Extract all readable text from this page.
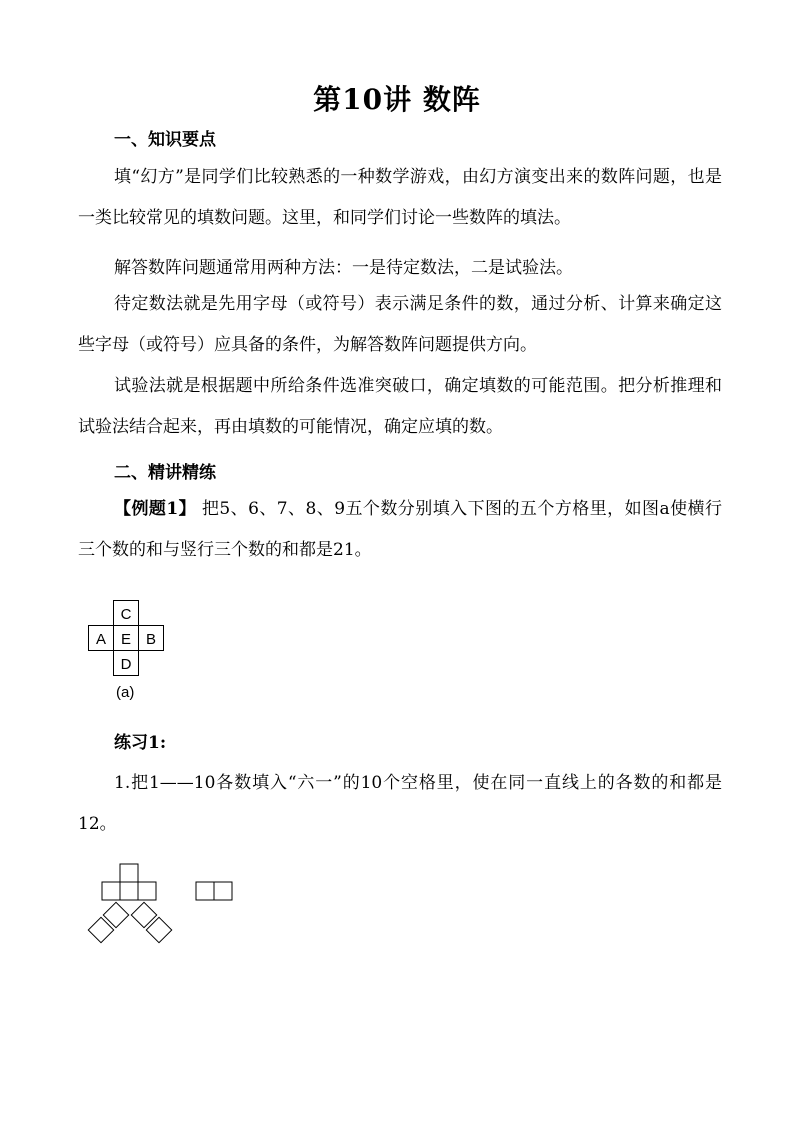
第10讲 数阵
一、知识要点
填“幻方”是同学们比较熟悉的一种数学游戏，由幻方演变出来的数阵问题，也是一类比较常见的填数问题。这里，和同学们讨论一些数阵的填法。
解答数阵问题通常用两种方法：一是待定数法，二是试验法。
待定数法就是先用字母（或符号）表示满足条件的数，通过分析、计算来确定这些字母（或符号）应具备的条件，为解答数阵问题提供方向。
试验法就是根据题中所给条件选准突破口，确定填数的可能范围。把分析推理和试验法结合起来，再由填数的可能情况，确定应填的数。
二、精讲精练
【例题1】 把5、6、7、8、9五个数分别填入下图的五个方格里，如图a使横行三个数的和与竖行三个数的和都是21。
C
A E B
D
(a)
练习1:
1.把1——10各数填入“六一”的10个空格里，使在同一直线上的各数的和都是12。
